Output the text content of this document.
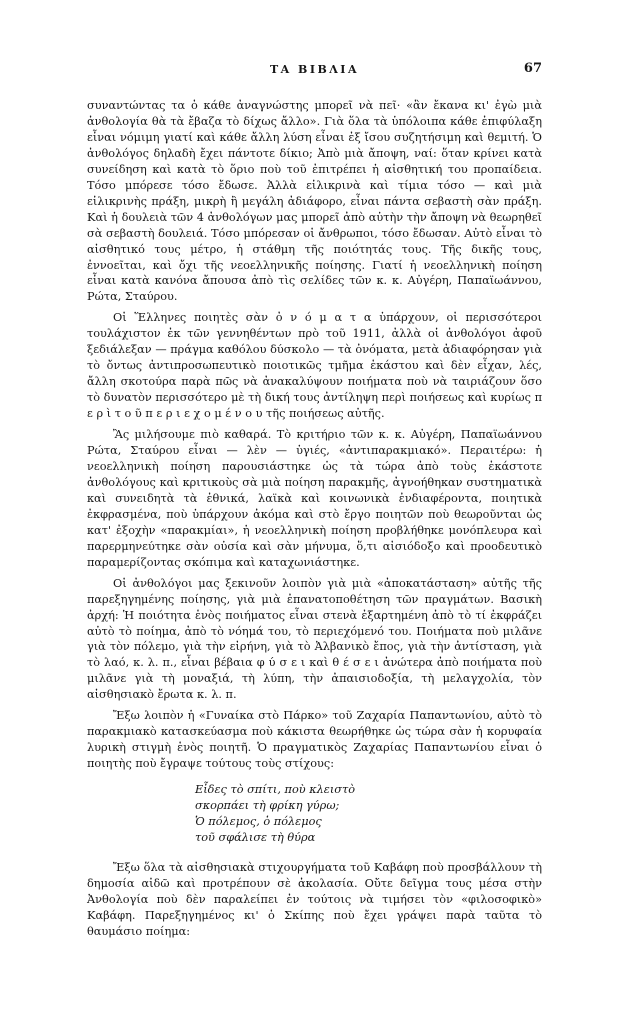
ΤΑ ΒΙΒΛΙΑ	67

συναντώντας τα ὁ κάθε ἀναγνώστης μπορεῖ νὰ πεῖ· «ἂν ἔκανα κι' ἐγὼ μιὰ ἀνθολογία θὰ τὰ ἔβαζα τὸ δίχως ἄλλο». Γιὰ ὅλα τὰ ὑπόλοιπα κάθε ἐπιφύλαξη εἶναι νόμιμη γιατί καὶ κάθε ἄλλη λύση εἶναι ἐξ ἴσου συζητήσιμη καὶ θεμιτή. Ὁ ἀνθολόγος δηλαδὴ ἔχει πάντοτε δίκιο; Ἀπὸ μιὰ ἄποψη, ναί: ὅταν κρίνει κατὰ συνείδηση καὶ κατὰ τὸ ὅριο ποὺ τοῦ ἐπιτρέπει ἡ αἰσθητική του προπαίδεια. Τόσο μπόρεσε τόσο ἔδωσε. Ἀλλὰ εἰλικρινὰ καὶ τίμια τόσο — καὶ μιὰ εἰλικρινὴς πράξη, μικρὴ ἢ μεγάλη ἀδιάφορο, εἶναι πάντα σεβαστὴ σὰν πράξη. Καὶ ἡ δουλειὰ τῶν 4 ἀνθολόγων μας μπορεῖ ἀπὸ αὐτὴν τὴν ἄποψη νὰ θεωρηθεῖ σὰ σεβαστὴ δουλειά. Τόσο μπόρεσαν οἱ ἄνθρωποι, τόσο ἔδωσαν. Αὐτὸ εἶναι τὸ αἰσθητικό τους μέτρο, ἡ στάθμη τῆς ποιότητάς τους. Τῆς δικῆς τους, ἐννοεῖται, καὶ ὄχι τῆς νεοελληνικῆς ποίησης. Γιατί ἡ νεοελληνικὴ ποίηση εἶναι κατὰ κανόνα ἄπουσα ἀπὸ τὶς σελίδες τῶν κ. κ. Αὐγέρη, Παπαϊωάννου, Ρώτα, Σταύρου.

Οἱ Ἕλληνες ποιητὲς σὰν ὀ ν ό μ α τ α ὑπάρχουν, οἱ περισσότεροι τουλάχιστον ἐκ τῶν γεννηθέντων πρὸ τοῦ 1911, ἀλλὰ οἱ ἀνθολόγοι ἀφοῦ ξεδιάλεξαν — πράγμα καθόλου δύσκολο — τὰ ὀνόματα, μετὰ ἀδιαφόρησαν γιὰ τὸ ὄντως ἀντιπροσωπευτικὸ ποιοτικῶς τμῆμα ἑκάστου καὶ δὲν εἶχαν, λές, ἄλλη σκοτούρα παρὰ πῶς νὰ ἀνακαλύψουν ποιήματα ποὺ νὰ ταιριάζουν ὅσο τὸ δυνατὸν περισσότερο μὲ τὴ δική τους ἀντίληψη περὶ ποιήσεως καὶ κυρίως π ε ρ ὶ τ ο ῦ π ε ρ ι ε χ ο μ έ ν ο υ τῆς ποιήσεως αὐτῆς.

Ἂς μιλήσουμε πιὸ καθαρά. Τὸ κριτήριο τῶν κ. κ. Αὐγέρη, Παπαϊωάννου Ρώτα, Σταύρου εἶναι — λὲν — ὑγιές, «ἀντιπαρακμιακό». Περαιτέρω: ἡ νεοελληνικὴ ποίηση παρουσιάστηκε ὡς τὰ τώρα ἀπὸ τοὺς ἑκάστοτε ἀνθολόγους καὶ κριτικοὺς σὰ μιὰ ποίηση παρακμῆς, ἀγνοήθηκαν συστηματικὰ καὶ συνειδητὰ τὰ ἐθνικά, λαϊκὰ καὶ κοινωνικὰ ἐνδιαφέροντα, ποιητικὰ ἐκφρασμένα, ποὺ ὑπάρχουν ἀκόμα καὶ στὸ ἔργο ποιητῶν ποὺ θεωροῦνται ὡς κατ' ἐξοχὴν «παρακμίαι», ἡ νεοελληνικὴ ποίηση προβλήθηκε μονόπλευρα καὶ παρερμηνεύτηκε σὰν οὐσία καὶ σὰν μήνυμα, ὅ,τι αἰσιόδοξο καὶ προοδευτικὸ παραμερίζοντας σκόπιμα καὶ καταχωνιάστηκε.

Οἱ ἀνθολόγοι μας ξεκινοῦν λοιπὸν γιὰ μιὰ «ἀποκατάσταση» αὐτῆς τῆς παρεξηγημένης ποίησης, γιὰ μιὰ ἐπανατοποθέτηση τῶν πραγμάτων. Βασικὴ ἀρχή: Ἡ ποιότητα ἑνὸς ποιήματος εἶναι στενὰ ἐξαρτημένη ἀπὸ τὸ τί ἐκφράζει αὐτὸ τὸ ποίημα, ἀπὸ τὸ νόημά του, τὸ περιεχόμενό του. Ποιήματα ποὺ μιλᾶνε γιὰ τὸν πόλεμο, γιὰ τὴν εἰρήνη, γιὰ τὸ Ἀλβανικὸ ἔπος, γιὰ τὴν ἀντίσταση, γιὰ τὸ λαό, κ. λ. π., εἶναι βέβαια φ ύ σ ε ι καὶ θ έ σ ε ι ἀνώτερα ἀπὸ ποιήματα ποὺ μιλᾶνε γιὰ τὴ μοναξιά, τὴ λύπη, τὴν ἀπαισιοδοξία, τὴ μελαγχολία, τὸν αἰσθησιακὸ ἔρωτα κ. λ. π.

Ἔξω λοιπὸν ἡ «Γυναίκα στὸ Πάρκο» τοῦ Ζαχαρία Παπαντωνίου, αὐτὸ τὸ παρακμιακὸ κατασκεύασμα ποὺ κάκιστα θεωρήθηκε ὡς τώρα σὰν ἡ κορυφαία λυρικὴ στιγμὴ ἑνὸς ποιητῆ. Ὁ πραγματικὸς Ζαχαρίας Παπαντωνίου εἶναι ὁ ποιητὴς ποὺ ἔγραψε τούτους τοὺς στίχους:

Εἶδες τὸ σπίτι, ποὺ κλειστὸ
σκορπάει τὴ φρίκη γύρω;
Ὁ πόλεμος, ὁ πόλεμος
τοῦ σφάλισε τὴ θύρα

Ἔξω ὅλα τὰ αἰσθησιακὰ στιχουργήματα τοῦ Καβάφη ποὺ προσβάλλουν τὴ δημοσία αἰδῶ καὶ προτρέπουν σὲ ἀκολασία. Οὔτε δεῖγμα τους μέσα στὴν Ἀνθολογία ποὺ δὲν παραλείπει ἐν τούτοις νὰ τιμήσει τὸν «φιλοσοφικὸ» Καβάφη. Παρεξηγημένος κι' ὁ Σκίπης ποὺ ἔχει γράψει παρὰ ταῦτα τὸ θαυμάσιο ποίημα:
